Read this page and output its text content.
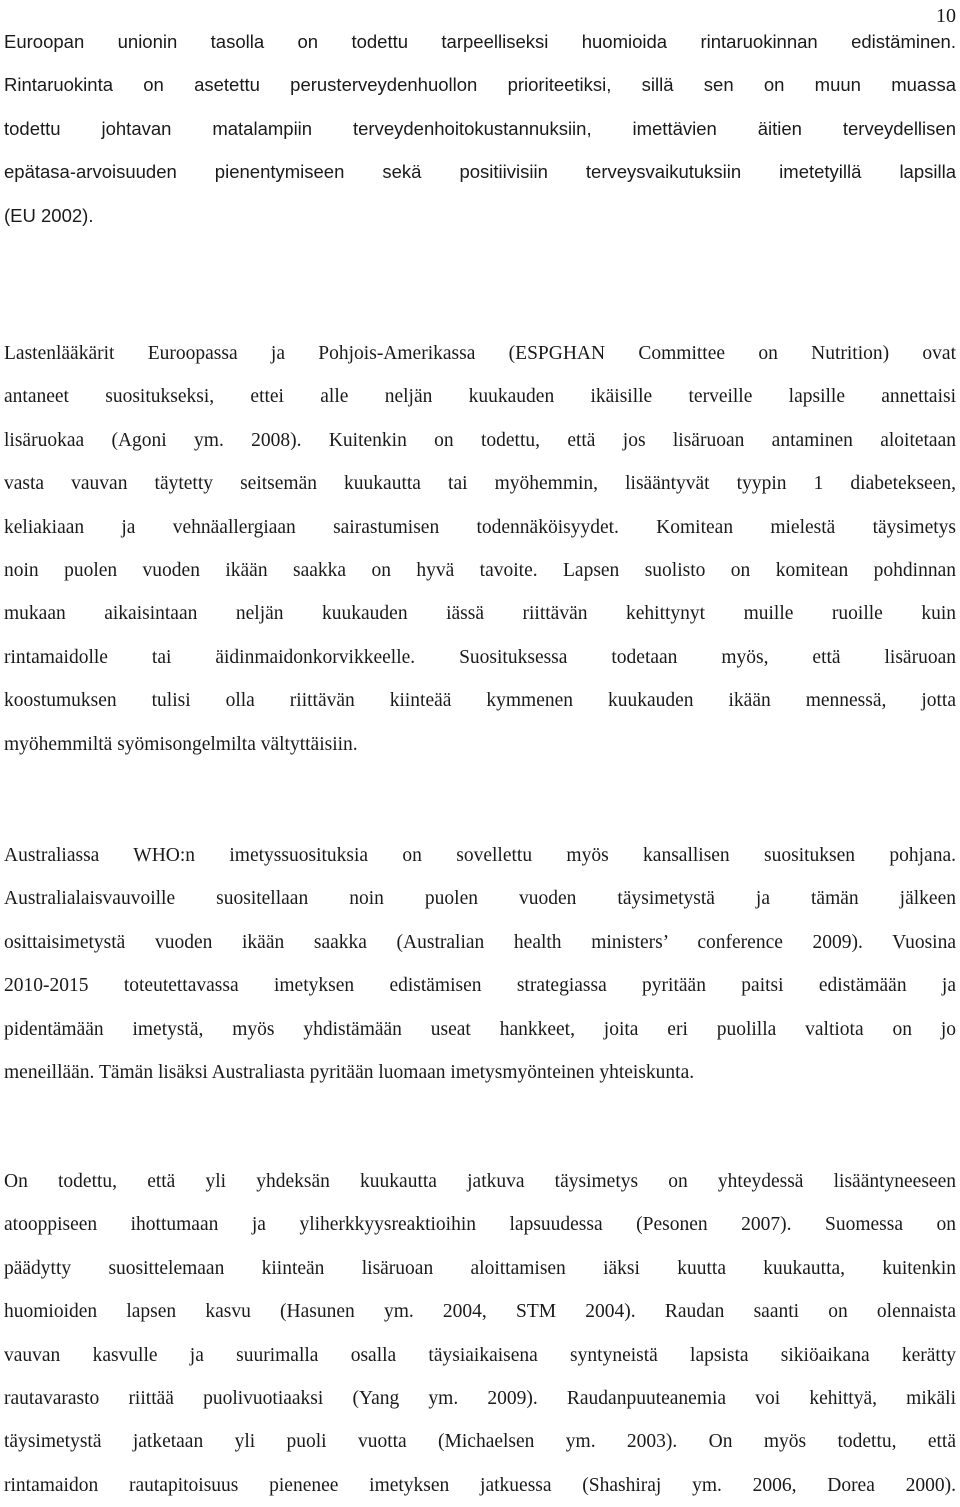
10
Euroopan unionin tasolla on todettu tarpeelliseksi huomioida rintaruokinnan edistäminen.
Rintaruokinta on asetettu perusterveydenhuollon prioriteetiksi, sillä sen on muun muassa
todettu johtavan matalampiin terveydenhoitokustannuksiin, imettävien äitien terveydellisen
epätasa-arvoisuuden pienentymiseen sekä positiivisiin terveysvaikutuksiin imetetyillä lapsilla
(EU 2002).
Lastenlääkärit Euroopassa ja Pohjois-Amerikassa (ESPGHAN Committee on Nutrition) ovat
antaneet suositukseksi, ettei alle neljän kuukauden ikäisille terveille lapsille annettaisi
lisäruokaa (Agoni ym. 2008). Kuitenkin on todettu, että jos lisäruoan antaminen aloitetaan
vasta vauvan täytetty seitsemän kuukautta tai myöhemmin, lisääntyvät tyypin 1 diabetekseen,
keliakiaan ja vehnäallergiaan sairastumisen todennäköisyydet. Komitean mielestä täysimetys
noin puolen vuoden ikään saakka on hyvä tavoite. Lapsen suolisto on komitean pohdinnan
mukaan aikaisintaan neljän kuukauden iässä riittävän kehittynyt muille ruoille kuin
rintamaidolle tai äidinmaidonkorvikkeelle. Suosituksessa todetaan myös, että lisäruoan
koostumuksen tulisi olla riittävän kiinteää kymmenen kuukauden ikään mennessä, jotta
myöhemmiltä syömisongelmilta vältyttäisiin.
Australiassa WHO:n imetyssuosituksia on sovellettu myös kansallisen suosituksen pohjana.
Australialaisvauvoille suositellaan noin puolen vuoden täysimetystä ja tämän jälkeen
osittaisimetystä vuoden ikään saakka (Australian health ministers’ conference 2009). Vuosina
2010-2015 toteutettavassa imetyksen edistämisen strategiassa pyritään paitsi edistämään ja
pidentämään imetystä, myös yhdistämään useat hankkeet, joita eri puolilla valtiota on jo
meneillään. Tämän lisäksi Australiasta pyritään luomaan imetysmyönteinen yhteiskunta.
On todettu, että yli yhdeksän kuukautta jatkuva täysimetys on yhteydessä lisääntyneeseen
atooppiseen ihottumaan ja yliherkkyysreaktioihin lapsuudessa (Pesonen 2007). Suomessa on
päädytty suosittelemaan kiinteän lisäruoan aloittamisen iäksi kuutta kuukautta, kuitenkin
huomioiden lapsen kasvu (Hasunen ym. 2004, STM 2004). Raudan saanti on olennaista
vauvan kasvulle ja suurimalla osalla täysiaikaisena syntyneistä lapsista sikiöaikana kerätty
rautavarasto riittää puolivuotiaaksi (Yang ym. 2009). Raudanpuuteanemia voi kehittyä, mikäli
täysimetystä jatketaan yli puoli vuotta (Michaelsen ym. 2003). On myös todettu, että
rintamaidon rautapitoisuus pienenee imetyksen jatkuessa (Shashiraj ym. 2006, Dorea 2000).
